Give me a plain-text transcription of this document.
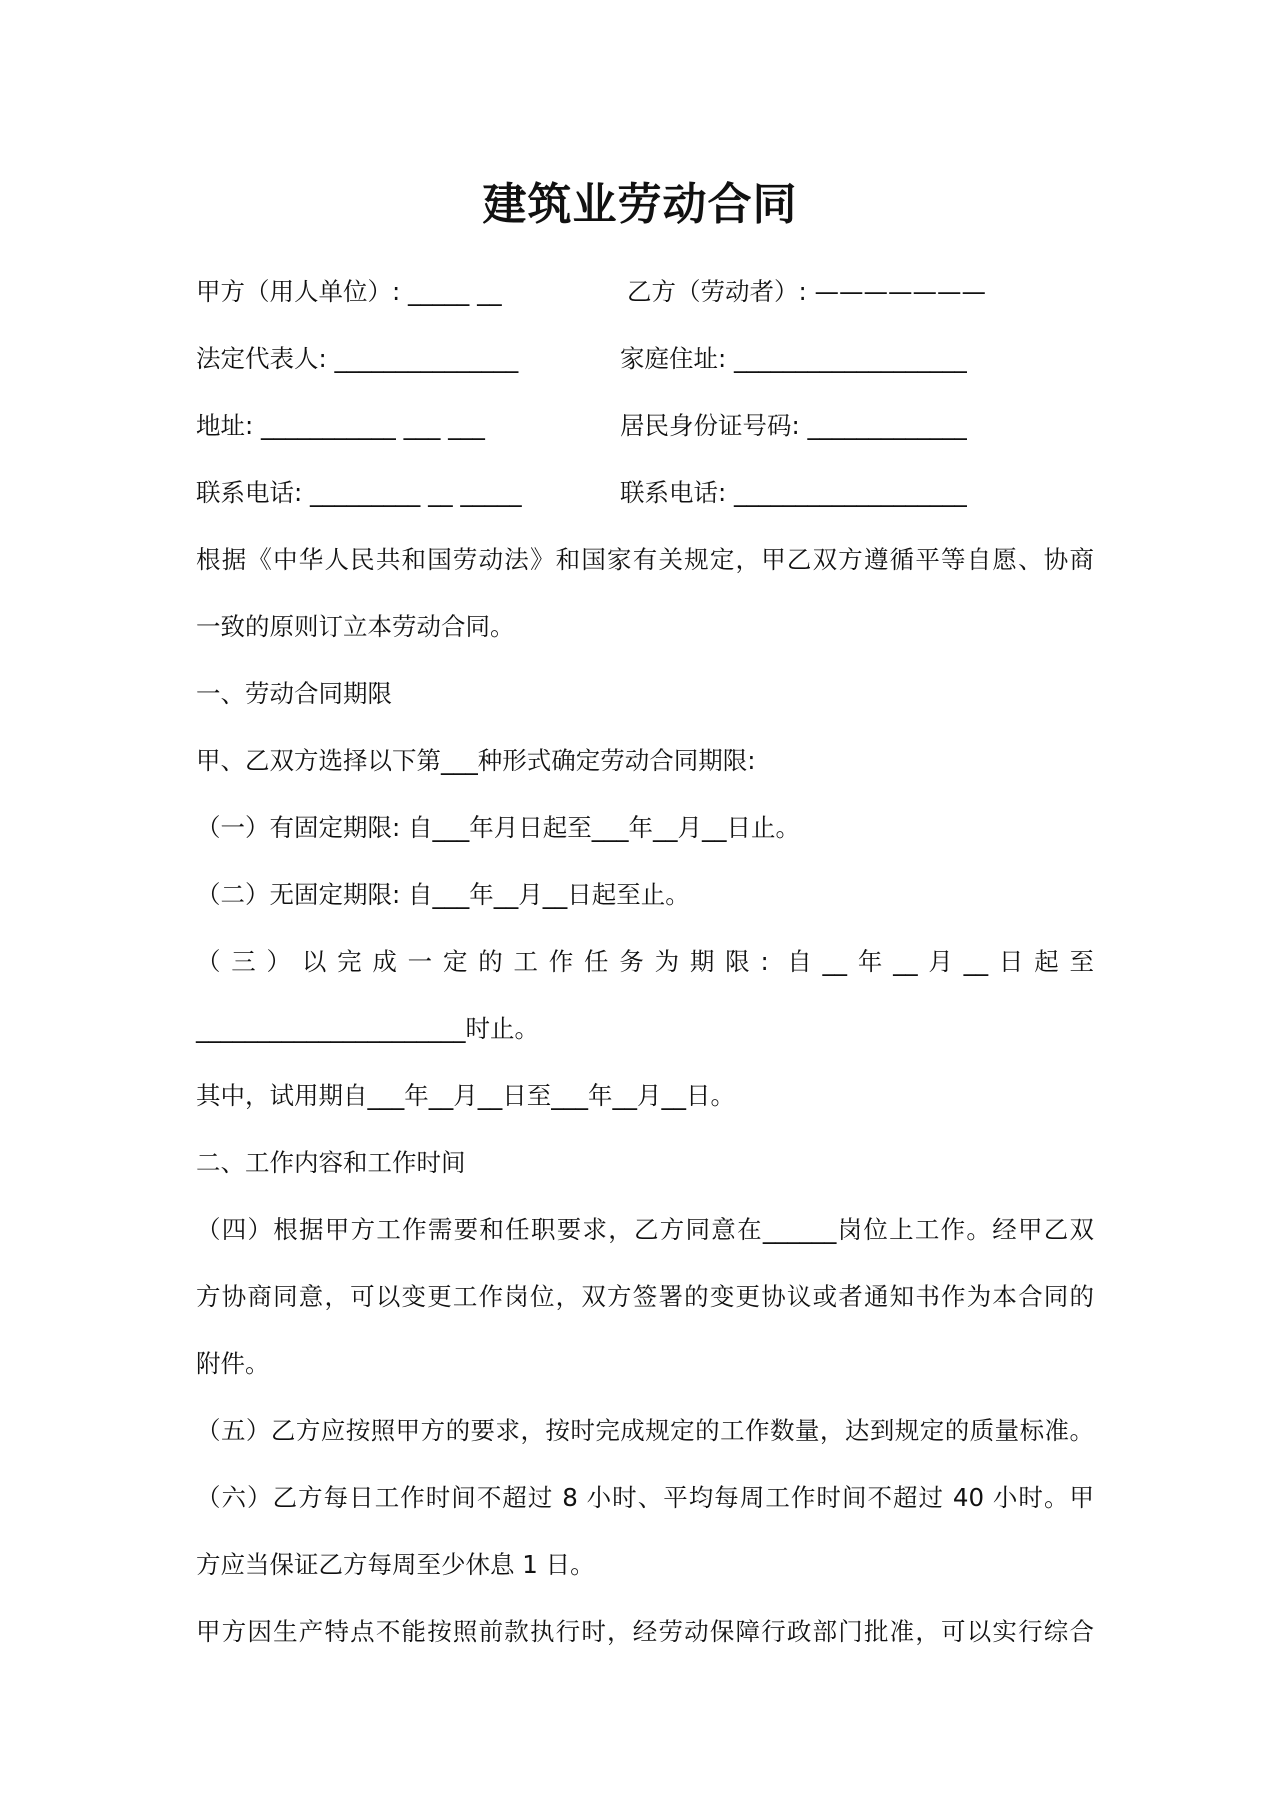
建筑业劳动合同
甲方（用人单位）: _____ __	乙方（劳动者）: ———————
法定代表人: _______________	家庭住址: ___________________
地址: ___________ ___ ___	居民身份证号码: _____________
联系电话: _________ __ _____	联系电话: ___________________
根据《中华人民共和国劳动法》和国家有关规定，甲乙双方遵循平等自愿、协商
一致的原则订立本劳动合同。
一、劳动合同期限
甲、乙双方选择以下第___种形式确定劳动合同期限:
（一）有固定期限: 自___年月日起至___年__月__日止。
（二）无固定期限: 自___年__月__日起至止。
（三）以完成一定的工作任务为期限: 自__年__月__日起至
______________________时止。
其中，试用期自___年__月__日至___年__月__日。
二、工作内容和工作时间
（四）根据甲方工作需要和任职要求，乙方同意在______岗位上工作。经甲乙双
方协商同意，可以变更工作岗位，双方签署的变更协议或者通知书作为本合同的
附件。
（五）乙方应按照甲方的要求，按时完成规定的工作数量，达到规定的质量标准。
（六）乙方每日工作时间不超过 8 小时、平均每周工作时间不超过 40 小时。甲
方应当保证乙方每周至少休息 1 日。
甲方因生产特点不能按照前款执行时，经劳动保障行政部门批准，可以实行综合
